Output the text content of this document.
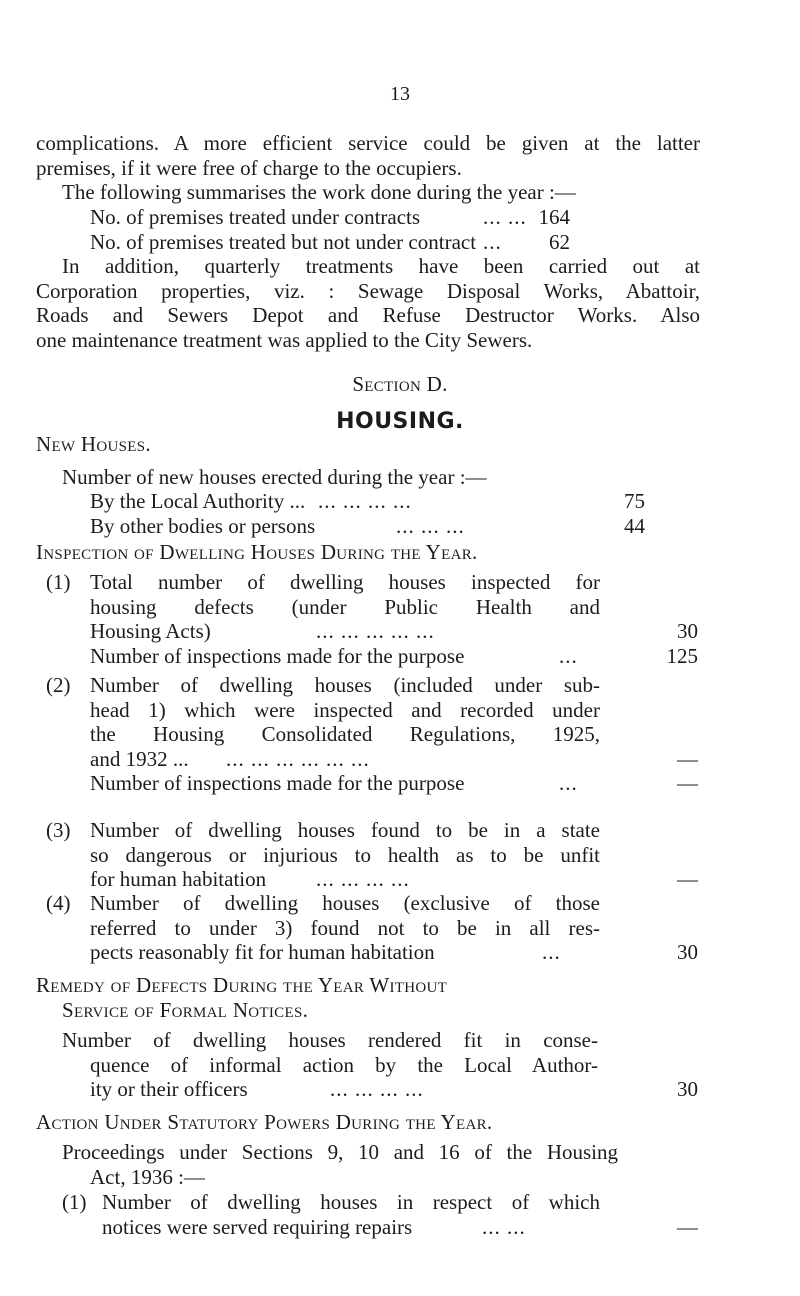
13
complications. A more efficient service could be given at the latter
premises, if it were free of charge to the occupiers.
The following summarises the work done during the year :—
No. of premises treated under contracts	... ... 164
No. of premises treated but not under contract ...	62
In addition, quarterly treatments have been carried out at
Corporation properties, viz. : Sewage Disposal Works, Abattoir,
Roads and Sewers Depot and Refuse Destructor Works. Also
one maintenance treatment was applied to the City Sewers.
Section D.
HOUSING.
New Houses.
Number of new houses erected during the year :—
By the Local Authority ... ... ... ... ...	75
By other bodies or persons	... ... ...	44
Inspection of Dwelling Houses During the Year.
(1) Total number of dwelling houses inspected for
housing defects (under Public Health and
Housing Acts)	... ... ... ... ...	30
Number of inspections made for the purpose	...	125
(2) Number of dwelling houses (included under sub-
head 1) which were inspected and recorded under
the Housing Consolidated Regulations, 1925,
and 1932 ... ... ... ... ... ... ...	—
Number of inspections made for the purpose	...	—
(3) Number of dwelling houses found to be in a state
so dangerous or injurious to health as to be unfit
for human habitation ... ... ... ...	—
(4) Number of dwelling houses (exclusive of those
referred to under 3) found not to be in all res-
pects reasonably fit for human habitation	...	30
Remedy of Defects During the Year Without
Service of Formal Notices.
Number of dwelling houses rendered fit in conse-
quence of informal action by the Local Author-
ity or their officers	... ... ... ...	30
Action Under Statutory Powers During the Year.
Proceedings under Sections 9, 10 and 16 of the Housing
Act, 1936 :—
(1) Number of dwelling houses in respect of which
notices were served requiring repairs	... ...	—
